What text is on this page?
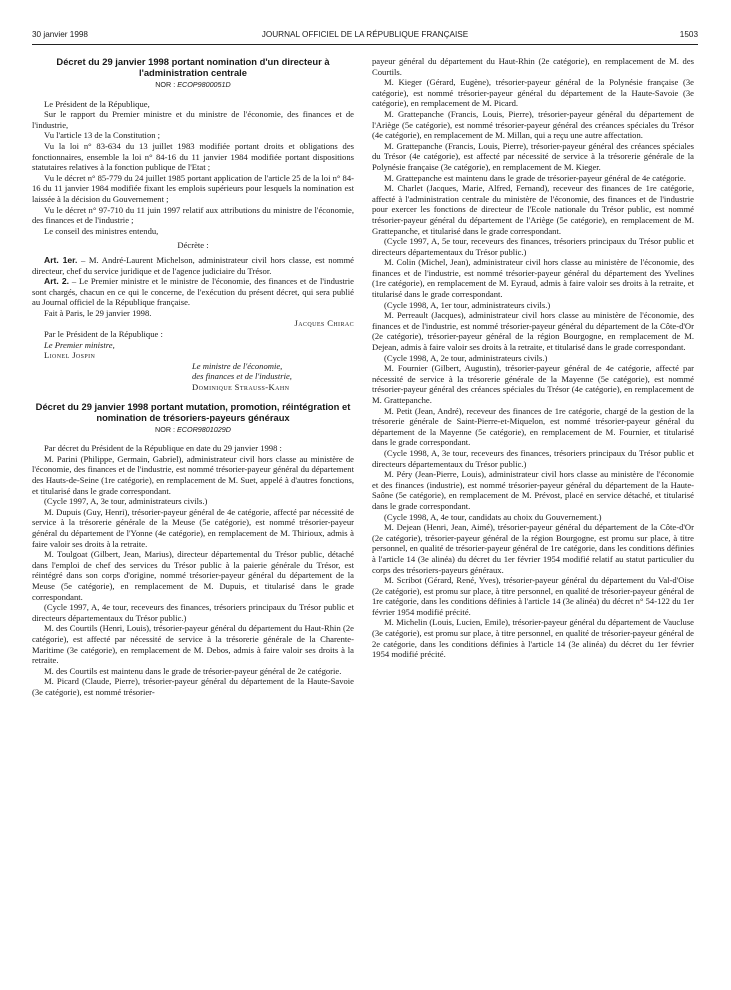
30 janvier 1998	JOURNAL OFFICIEL DE LA RÉPUBLIQUE FRANÇAISE	1503
Décret du 29 janvier 1998 portant nomination d'un directeur à l'administration centrale
NOR : ECOP9800051D

Le Président de la République,

Sur le rapport du Premier ministre et du ministre de l'économie, des finances et de l'industrie,

Vu l'article 13 de la Constitution ;

Vu la loi n° 83-634 du 13 juillet 1983 modifiée portant droits et obligations des fonctionnaires, ensemble la loi n° 84-16 du 11 janvier 1984 modifiée portant dispositions statutaires relatives à la fonction publique de l'Etat ;

Vu le décret n° 85-779 du 24 juillet 1985 portant application de l'article 25 de la loi n° 84-16 du 11 janvier 1984 modifiée fixant les emplois supérieurs pour lesquels la nomination est laissée à la décision du Gouvernement ;

Vu le décret n° 97-710 du 11 juin 1997 relatif aux attributions du ministre de l'économie, des finances et de l'industrie ;

Le conseil des ministres entendu,

Décrète :

Art. 1er. – M. André-Laurent Michelson, administrateur civil hors classe, est nommé directeur, chef du service juridique et de l'agence judiciaire du Trésor.

Art. 2. – Le Premier ministre et le ministre de l'économie, des finances et de l'industrie sont chargés, chacun en ce qui le concerne, de l'exécution du présent décret, qui sera publié au Journal officiel de la République française.

Fait à Paris, le 29 janvier 1998.

Jacques Chirac

Par le Président de la République :

Le Premier ministre,

Lionel Jospin

Le ministre de l'économie,

des finances et de l'industrie,

Dominique Strauss-Kahn

Décret du 29 janvier 1998 portant mutation, promotion, réintégration et nomination de trésoriers-payeurs généraux
NOR : ECOR9801029D

Par décret du Président de la République en date du 29 janvier 1998 :

M. Parini (Philippe, Germain, Gabriel), administrateur civil hors classe au ministère de l'économie, des finances et de l'industrie, est nommé trésorier-payeur général du département des Hauts-de-Seine (1re catégorie), en remplacement de M. Suet, appelé à d'autres fonctions, et titularisé dans le grade correspondant.

(Cycle 1997, A, 3e tour, administrateurs civils.)

M. Dupuis (Guy, Henri), trésorier-payeur général de 4e catégorie, affecté par nécessité de service à la trésorerie générale de la Meuse (5e catégorie), est nommé trésorier-payeur général du département de l'Yonne (4e catégorie), en remplacement de M. Thirioux, admis à faire valoir ses droits à la retraite.

M. Toulgoat (Gilbert, Jean, Marius), directeur départemental du Trésor public, détaché dans l'emploi de chef des services du Trésor public à la paierie générale du Trésor, est réintégré dans son corps d'origine, nommé trésorier-payeur général du département de la Meuse (5e catégorie), en remplacement de M. Dupuis, et titularisé dans le grade correspondant.

(Cycle 1997, A, 4e tour, receveurs des finances, trésoriers principaux du Trésor public et directeurs départementaux du Trésor public.)

M. des Courtils (Henri, Louis), trésorier-payeur général du département du Haut-Rhin (2e catégorie), est affecté par nécessité de service à la trésorerie générale de la Charente-Maritime (3e catégorie), en remplacement de M. Debos, admis à faire valoir ses droits à la retraite.

M. des Courtils est maintenu dans le grade de trésorier-payeur général de 2e catégorie.

M. Picard (Claude, Pierre), trésorier-payeur général du département de la Haute-Savoie (3e catégorie), est nommé trésorier-

payeur général du département du Haut-Rhin (2e catégorie), en remplacement de M. des Courtils.

M. Kieger (Gérard, Eugène), trésorier-payeur général de la Polynésie française (3e catégorie), est nommé trésorier-payeur général du département de la Haute-Savoie (3e catégorie), en remplacement de M. Picard.

M. Grattepanche (Francis, Louis, Pierre), trésorier-payeur général du département de l'Ariège (5e catégorie), est nommé trésorier-payeur général des créances spéciales du Trésor (4e catégorie), en remplacement de M. Millan, qui a reçu une autre affectation.

M. Grattepanche (Francis, Louis, Pierre), trésorier-payeur général des créances spéciales du Trésor (4e catégorie), est affecté par nécessité de service à la trésorerie générale de la Polynésie française (3e catégorie), en remplacement de M. Kieger.

M. Grattepanche est maintenu dans le grade de trésorier-payeur général de 4e catégorie.

M. Charlet (Jacques, Marie, Alfred, Fernand), receveur des finances de 1re catégorie, affecté à l'administration centrale du ministère de l'économie, des finances et de l'industrie pour exercer les fonctions de directeur de l'Ecole nationale du Trésor public, est nommé trésorier-payeur général du département de l'Ariège (5e catégorie), en remplacement de M. Grattepanche, et titularisé dans le grade correspondant.

(Cycle 1997, A, 5e tour, receveurs des finances, trésoriers principaux du Trésor public et directeurs départementaux du Trésor public.)

M. Colin (Michel, Jean), administrateur civil hors classe au ministère de l'économie, des finances et de l'industrie, est nommé trésorier-payeur général du département des Yvelines (1re catégorie), en remplacement de M. Eyraud, admis à faire valoir ses droits à la retraite, et titularisé dans le grade correspondant.

(Cycle 1998, A, 1er tour, administrateurs civils.)

M. Perreault (Jacques), administrateur civil hors classe au ministère de l'économie, des finances et de l'industrie, est nommé trésorier-payeur général du département de la Côte-d'Or (2e catégorie), trésorier-payeur général de la région Bourgogne, en remplacement de M. Dejean, admis à faire valoir ses droits à la retraite, et titularisé dans le grade correspondant.

(Cycle 1998, A, 2e tour, administrateurs civils.)

M. Fournier (Gilbert, Augustin), trésorier-payeur général de 4e catégorie, affecté par nécessité de service à la trésorerie générale de la Mayenne (5e catégorie), est nommé trésorier-payeur général des créances spéciales du Trésor (4e catégorie), en remplacement de M. Grattepanche.

M. Petit (Jean, André), receveur des finances de 1re catégorie, chargé de la gestion de la trésorerie générale de Saint-Pierre-et-Miquelon, est nommé trésorier-payeur général du département de la Mayenne (5e catégorie), en remplacement de M. Fournier, et titularisé dans le grade correspondant.

(Cycle 1998, A, 3e tour, receveurs des finances, trésoriers principaux du Trésor public et directeurs départementaux du Trésor public.)

M. Péry (Jean-Pierre, Louis), administrateur civil hors classe au ministère de l'économie et des finances (industrie), est nommé trésorier-payeur général du département de la Haute-Saône (5e catégorie), en remplacement de M. Prévost, placé en service détaché, et titularisé dans le grade correspondant.

(Cycle 1998, A, 4e tour, candidats au choix du Gouvernement.)

M. Dejean (Henri, Jean, Aimé), trésorier-payeur général du département de la Côte-d'Or (2e catégorie), trésorier-payeur général de la région Bourgogne, est promu sur place, à titre personnel, en qualité de trésorier-payeur général de 1re catégorie, dans les conditions définies à l'article 14 (3e alinéa) du décret du 1er février 1954 modifié relatif au statut particulier du corps des trésoriers-payeurs généraux.

M. Scribot (Gérard, René, Yves), trésorier-payeur général du département du Val-d'Oise (2e catégorie), est promu sur place, à titre personnel, en qualité de trésorier-payeur général de 1re catégorie, dans les conditions définies à l'article 14 (3e alinéa) du décret n° 54-122 du 1er février 1954 modifié précité.

M. Michelin (Louis, Lucien, Emile), trésorier-payeur général du département de Vaucluse (3e catégorie), est promu sur place, à titre personnel, en qualité de trésorier-payeur général de 2e catégorie, dans les conditions définies à l'article 14 (3e alinéa) du décret du 1er février 1954 modifié précité.
